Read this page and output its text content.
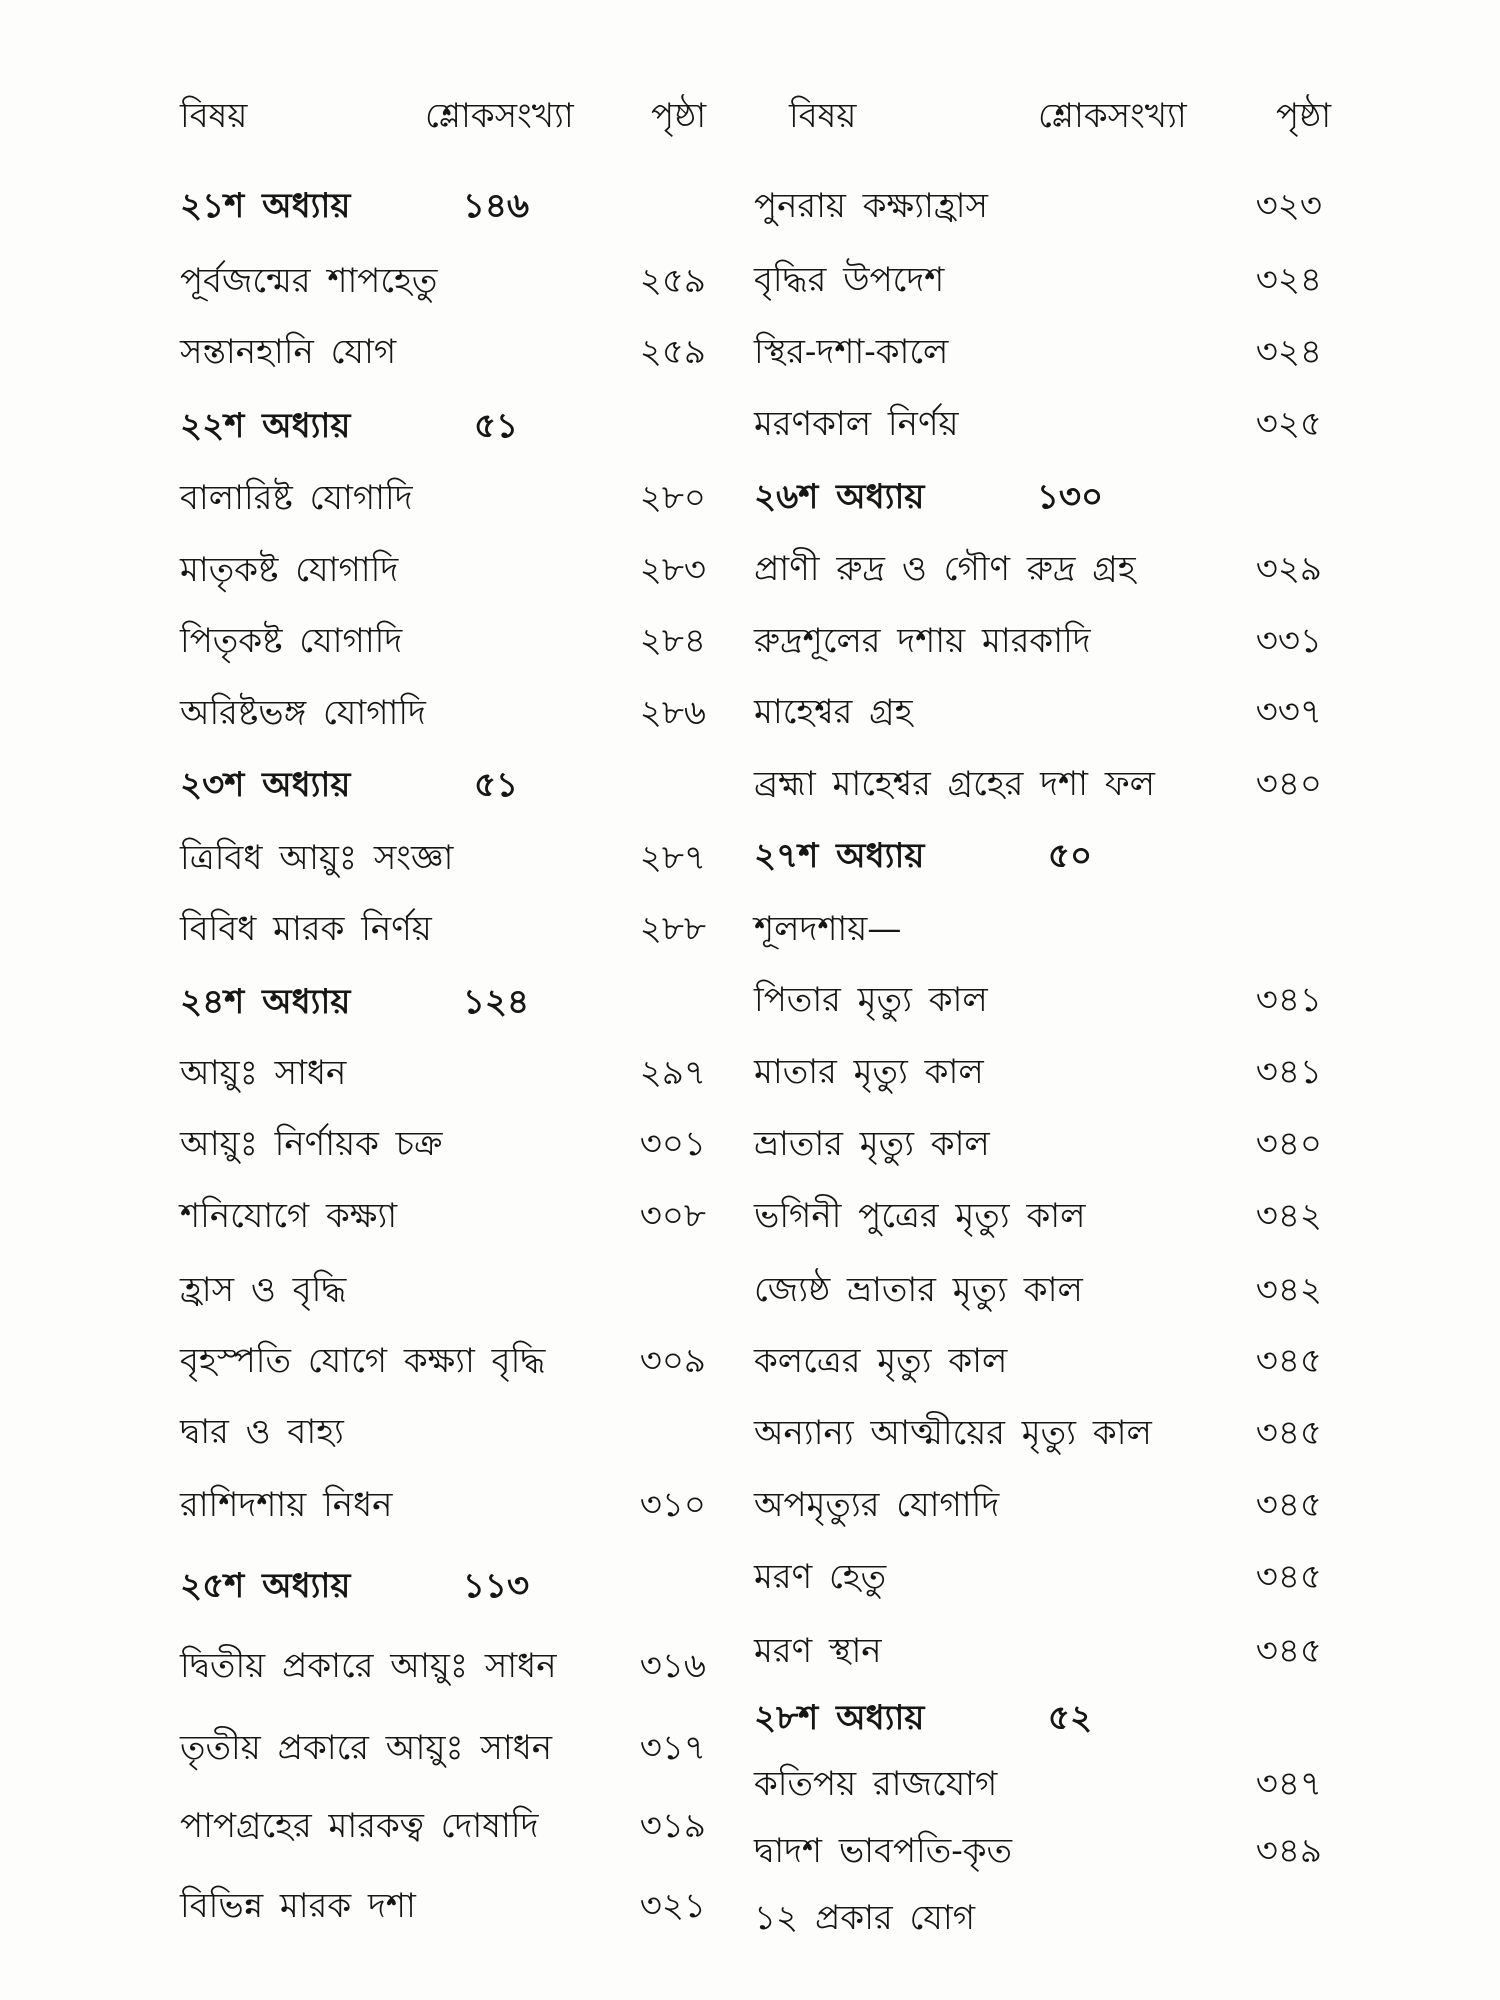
বিষয়	শ্লোকসংখ্যা পৃষ্ঠা বিষয়	শ্লোকসংখ্যা	পৃষ্ঠা
২১শ অধ্যায়	১৪৬
পূর্বজন্মের শাপহেতু	২৫৯
সন্তানহানি যোগ	২৫৯
২২শ অধ্যায়	৫১
বালারিষ্ট যোগাদি	২৮০
মাতৃকষ্ট যোগাদি	২৮৩
পিতৃকষ্ট যোগাদি	২৮৪
অরিষ্টভঙ্গ যোগাদি	২৮৬
২৩শ অধ্যায়	৫১
ত্রিবিধ আয়ুঃ সংজ্ঞা	২৮৭
বিবিধ মারক নির্ণয়	২৮৮
২৪শ অধ্যায়	১২৪
আয়ুঃ সাধন	২৯৭
আয়ুঃ নির্ণায়ক চক্র	৩০১
শনিযোগে কক্ষ্যা	৩০৮
হ্রাস ও বৃদ্ধি
বৃহস্পতি যোগে কক্ষ্যা বৃদ্ধি	৩০৯
দ্বার ও বাহ্য
রাশিদশায় নিধন	৩১০
২৫শ অধ্যায়	১১৩
দ্বিতীয় প্রকারে আয়ুঃ সাধন	৩১৬
তৃতীয় প্রকারে আয়ুঃ সাধন	৩১৭
পাপগ্রহের মারকত্ব দোষাদি	৩১৯
বিভিন্ন মারক দশা	৩২১
পুনরায় কক্ষ্যাহ্রাস	৩২৩
বৃদ্ধির উপদেশ	৩২৪
স্থির-দশা-কালে	৩২৪
মরণকাল নির্ণয়	৩২৫
২৬শ অধ্যায়	১৩০
প্রাণী রুদ্র ও গৌণ রুদ্র গ্রহ	৩২৯
রুদ্রশূলের দশায় মারকাদি	৩৩১
মাহেশ্বর গ্রহ	৩৩৭
ব্রহ্মা মাহেশ্বর গ্রহের দশা ফল	৩৪০
২৭শ অধ্যায়	৫০
শূলদশায়—
পিতার মৃত্যু কাল	৩৪১
মাতার মৃত্যু কাল	৩৪১
ভ্রাতার মৃত্যু কাল	৩৪০
ভগিনী পুত্রের মৃত্যু কাল	৩৪২
জ্যেষ্ঠ ভ্রাতার মৃত্যু কাল	৩৪২
কলত্রের মৃত্যু কাল	৩৪৫
অন্যান্য আত্মীয়ের মৃত্যু কাল	৩৪৫
অপমৃত্যুর যোগাদি	৩৪৫
মরণ হেতু	৩৪৫
মরণ স্থান	৩৪৫
২৮শ অধ্যায়	৫২
কতিপয় রাজযোগ	৩৪৭
দ্বাদশ ভাবপতি-কৃত	৩৪৯
১২ প্রকার যোগ
